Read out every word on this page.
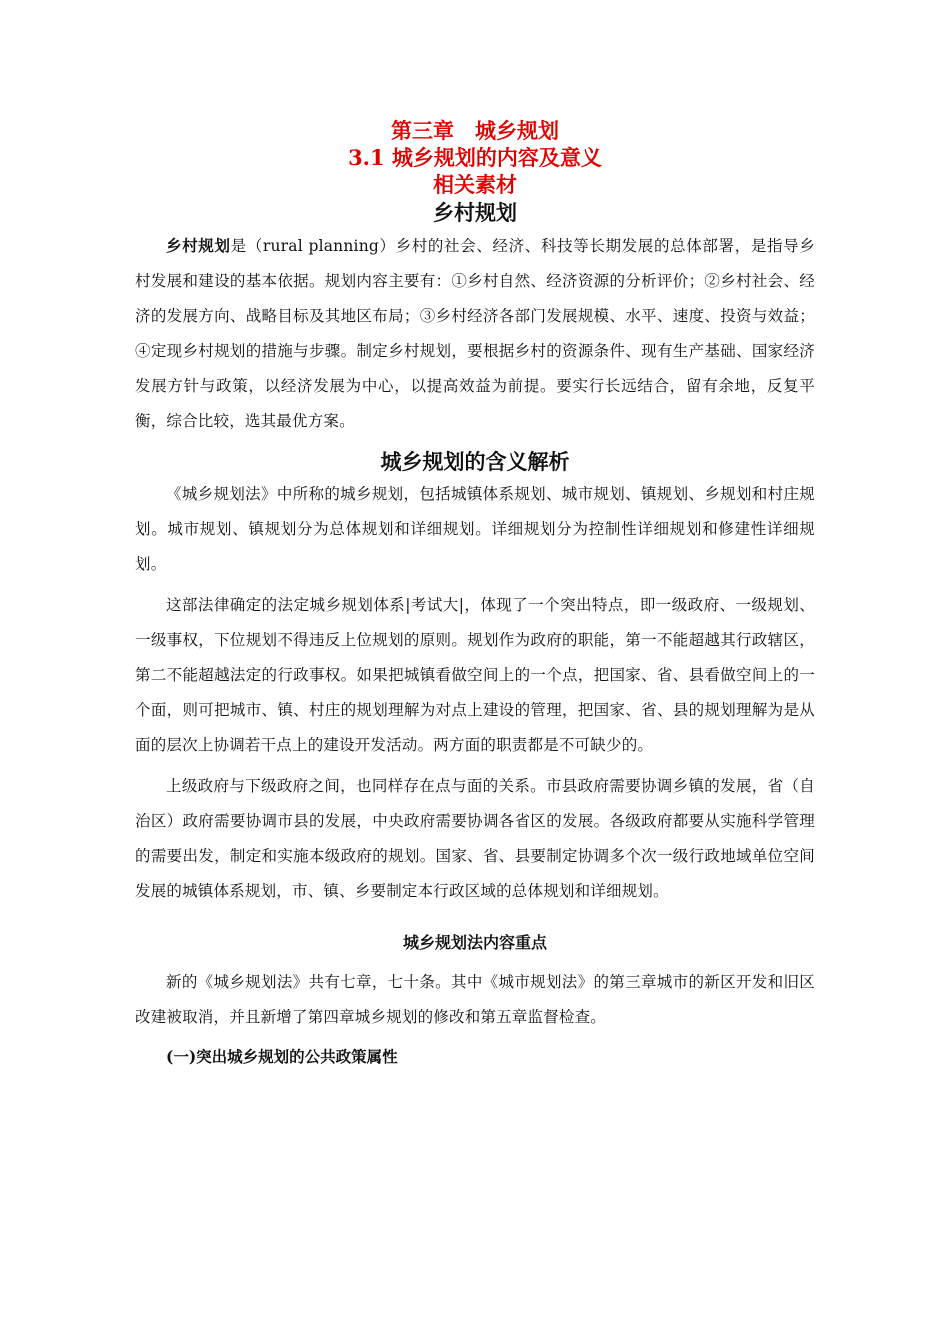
第三章　城乡规划
3.1 城乡规划的内容及意义
相关素材
乡村规划

乡村规划是（rural planning）乡村的社会、经济、科技等长期发展的总体部署，是指导乡村发展和建设的基本依据。规划内容主要有：①乡村自然、经济资源的分析评价；②乡村社会、经济的发展方向、战略目标及其地区布局；③乡村经济各部门发展规模、水平、速度、投资与效益；④定现乡村规划的措施与步骤。制定乡村规划，要根据乡村的资源条件、现有生产基础、国家经济发展方针与政策，以经济发展为中心，以提高效益为前提。要实行长远结合，留有余地，反复平衡，综合比较，选其最优方案。

城乡规划的含义解析

《城乡规划法》中所称的城乡规划，包括城镇体系规划、城市规划、镇规划、乡规划和村庄规划。城市规划、镇规划分为总体规划和详细规划。详细规划分为控制性详细规划和修建性详细规划。

这部法律确定的法定城乡规划体系|考试大|，体现了一个突出特点，即一级政府、一级规划、一级事权，下位规划不得违反上位规划的原则。规划作为政府的职能，第一不能超越其行政辖区，第二不能超越法定的行政事权。如果把城镇看做空间上的一个点，把国家、省、县看做空间上的一个面，则可把城市、镇、村庄的规划理解为对点上建设的管理，把国家、省、县的规划理解为是从面的层次上协调若干点上的建设开发活动。两方面的职责都是不可缺少的。

上级政府与下级政府之间，也同样存在点与面的关系。市县政府需要协调乡镇的发展，省（自治区）政府需要协调市县的发展，中央政府需要协调各省区的发展。各级政府都要从实施科学管理的需要出发，制定和实施本级政府的规划。国家、省、县要制定协调多个次一级行政地域单位空间发展的城镇体系规划，市、镇、乡要制定本行政区域的总体规划和详细规划。

城乡规划法内容重点

新的《城乡规划法》共有七章，七十条。其中《城市规划法》的第三章城市的新区开发和旧区改建被取消，并且新增了第四章城乡规划的修改和第五章监督检查。

(一)突出城乡规划的公共政策属性
